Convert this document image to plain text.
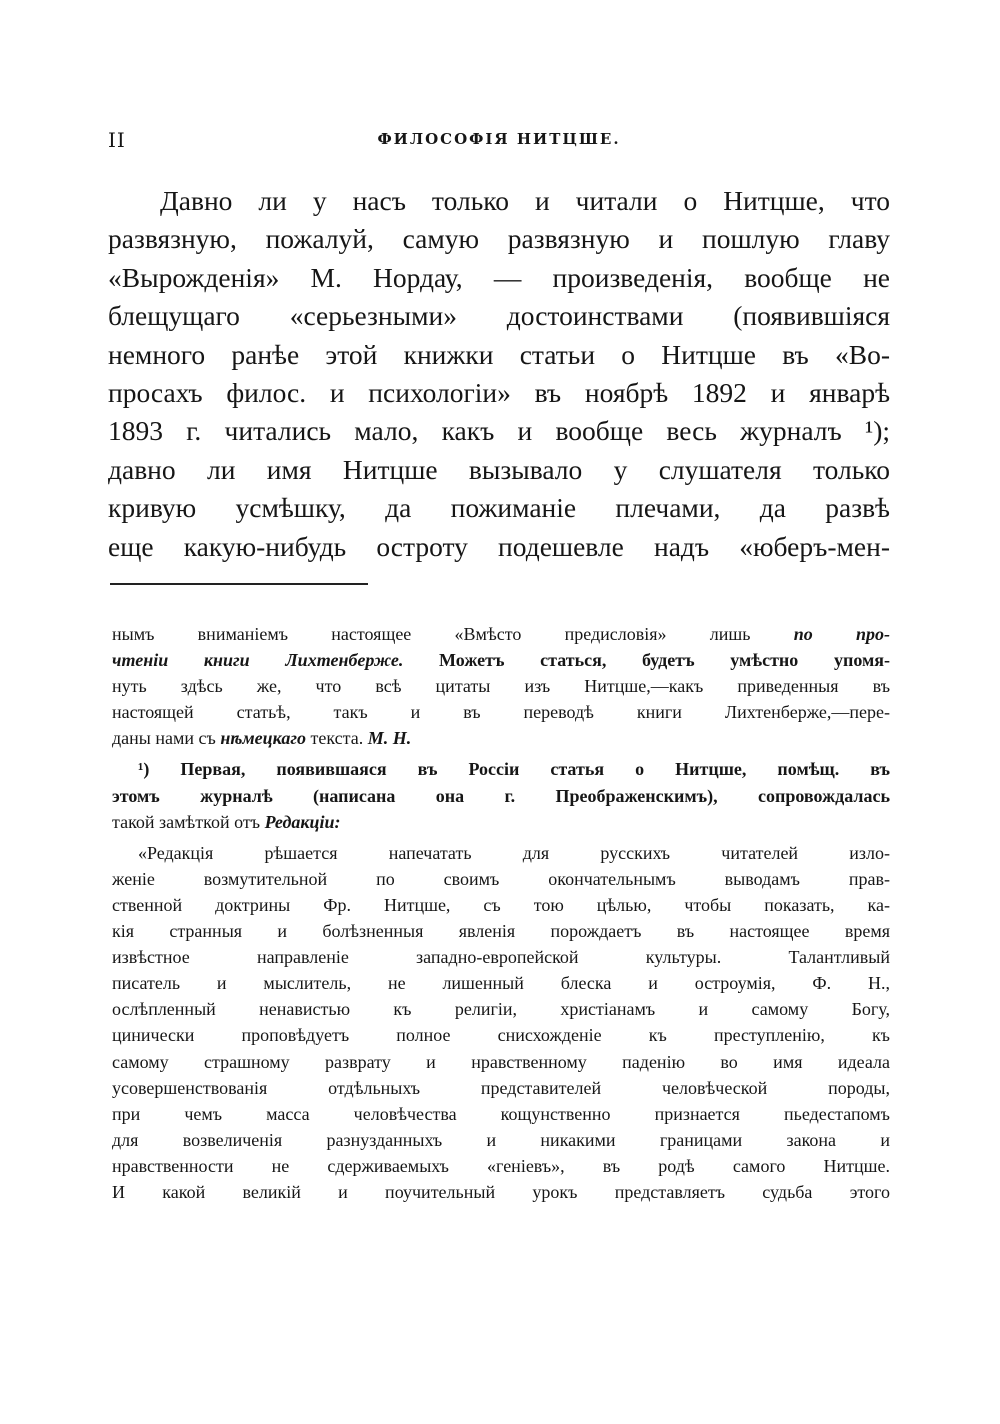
II	ФИЛОСОФІЯ НИТЦШЕ.
Давно ли у насъ только и читали о Нитцше, что
развязную, пожалуй, самую развязную и пошлую главу
«Вырожденія» М. Нордау, — произведенія, вообще не
блещущаго «серьезными» достоинствами (появившіяся
немного ранѣе этой книжки статьи о Нитцше въ «Во-
просахъ филос. и психологіи» въ ноябрѣ 1892 и январѣ
1893 г. читались мало, какъ и вообще весь журналъ ¹);
давно ли имя Нитцше вызывало у слушателя только
кривую усмѣшку, да пожиманіе плечами, да развѣ
еще какую-нибудь остроту подешевле надъ «юберъ-мен-
нымъ вниманіемъ настоящее «Вмѣсто предисловія» лишь по про-
чтеніи книги Лихтенберже. Можетъ статься, будетъ умѣстно упомя-
нуть здѣсь же, что всѣ цитаты изъ Нитцше,—какъ приведенныя въ
настоящей статьѣ, такъ и въ переводѣ книги Лихтенберже,—пере-
даны нами съ нѣмецкаго текста. М. Н.
¹) Первая, появившаяся въ Россіи статья о Нитцше, помѣщ. въ
этомъ журналѣ (написана она г. Преображенскимъ), сопровождалась
такой замѣткой отъ Редакціи:
«Редакція рѣшается напечатать для русскихъ читателей изло-
женіе возмутительной по своимъ окончательнымъ выводамъ прав-
ственной доктрины Фр. Нитцше, съ тою цѣлью, чтобы показать, ка-
кія странныя и болѣзненныя явленія порождаетъ въ настоящее время
извѣстное направленіе западно-европейской культуры. Талантливый
писатель и мыслитель, не лишенный блеска и остроумія, Ф. Н.,
ослѣпленный ненавистью къ религіи, христіанамъ и самому Богу,
цинически проповѣдуетъ полное снисхожденіе къ преступленію, къ
самому страшному разврату и нравственному паденію во имя идеала
усовершенствованія отдѣльныхъ представителей человѣческой породы,
при чемъ масса человѣчества кощунственно признается пьедестапомъ
для возвеличенія разнузданныхъ и никакими границами закона и
нравственности не сдерживаемыхъ «геніевъ», въ родѣ самого Нитцше.
И какой великій и поучительный урокъ представляетъ судьба этого
